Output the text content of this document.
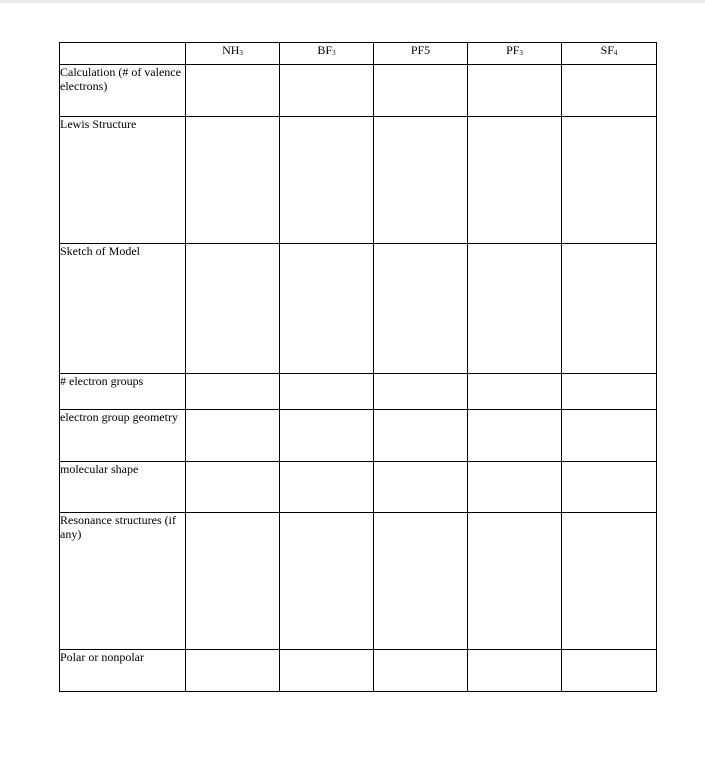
	$NH_3$	$BF_3$	PF5	$PF_3$	$SF_4$
Calculation (# of valence electrons)					
Lewis Structure					
Sketch of Model					
# electron groups					
electron group geometry					
molecular shape					
Resonance structures (if any)					
Polar or nonpolar					
